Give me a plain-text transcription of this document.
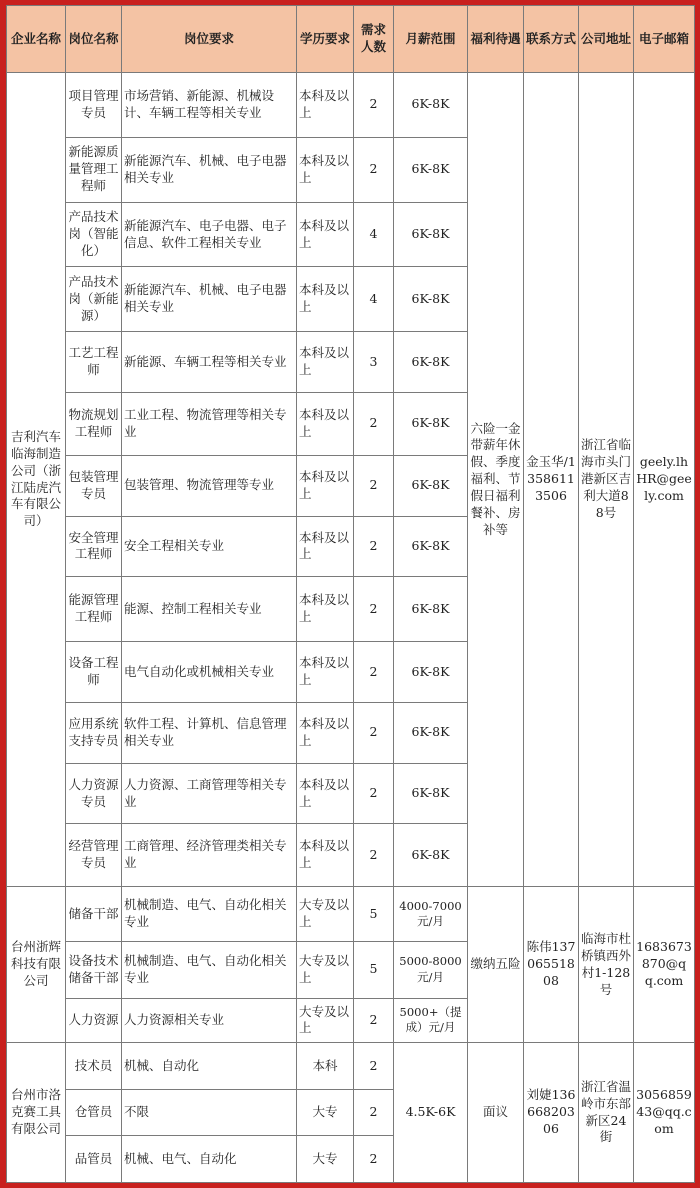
企业名称	岗位名称	岗位要求	学历要求	需求人数	月薪范围	福利待遇	联系方式	公司地址	电子邮箱
吉利汽车临海制造公司（浙江陆虎汽车有限公司）	项目管理专员	市场营销、新能源、机械设计、车辆工程等相关专业	本科及以上	2	6K-8K	六险一金带薪年休假、季度福利、节假日福利餐补、房补等	金玉华/13586113506	浙江省临海市头门港新区吉利大道88号	geely.lhHR@geely.com
	新能源质量管理工程师	新能源汽车、机械、电子电器相关专业	本科及以上	2	6K-8K				
	产品技术岗（智能化）	新能源汽车、电子电器、电子信息、软件工程相关专业	本科及以上	4	6K-8K				
	产品技术岗（新能源）	新能源汽车、机械、电子电器相关专业	本科及以上	4	6K-8K				
	工艺工程师	新能源、车辆工程等相关专业	本科及以上	3	6K-8K				
	物流规划工程师	工业工程、物流管理等相关专业	本科及以上	2	6K-8K				
	包装管理专员	包装管理、物流管理等专业	本科及以上	2	6K-8K				
	安全管理工程师	安全工程相关专业	本科及以上	2	6K-8K				
	能源管理工程师	能源、控制工程相关专业	本科及以上	2	6K-8K				
	设备工程师	电气自动化或机械相关专业	本科及以上	2	6K-8K				
	应用系统支持专员	软件工程、计算机、信息管理相关专业	本科及以上	2	6K-8K				
	人力资源专员	人力资源、工商管理等相关专业	本科及以上	2	6K-8K				
	经营管理专员	工商管理、经济管理类相关专业	本科及以上	2	6K-8K				
台州浙辉科技有限公司	储备干部	机械制造、电气、自动化相关专业	大专及以上	5	4000-7000元/月	缴纳五险	陈伟13706551808	临海市杜桥镇西外村1-128号	1683673870@qq.com
	设备技术储备干部	机械制造、电气、自动化相关专业	大专及以上	5	5000-8000元/月				
	人力资源	人力资源相关专业	大专及以上	2	5000+（提成）元/月				
台州市洛克赛工具有限公司	技术员	机械、自动化	本科	2	4.5K-6K	面议	刘婕13666820306	浙江省温岭市东部新区24街	305685943@qq.com
	仓管员	不限	大专	2					
	品管员	机械、电气、自动化	大专	2					
